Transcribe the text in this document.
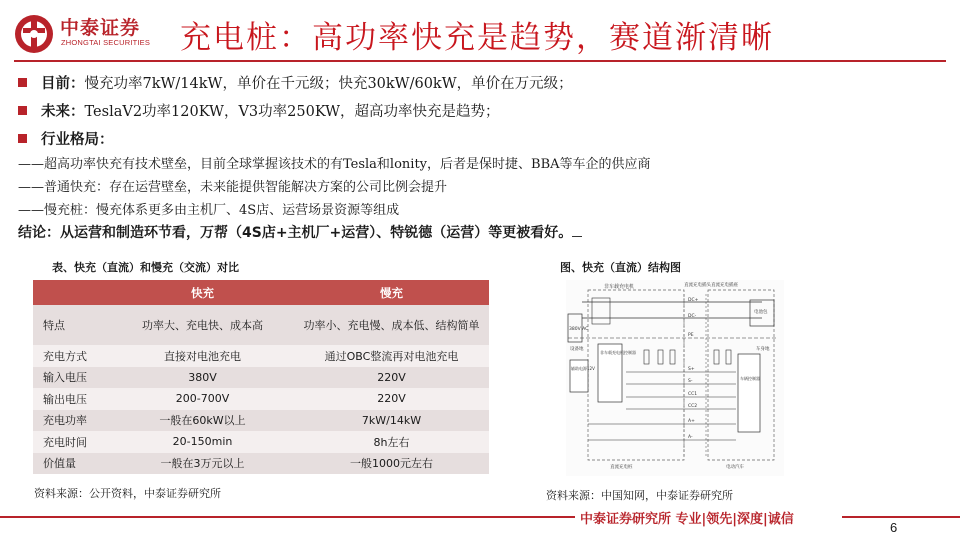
中泰证券
ZHONGTAI SECURITIES 充电桩：高功率快充是趋势，赛道渐清晰
目前：慢充功率7kW/14kW，单价在千元级；快充30kW/60kW，单价在万元级；
未来：TeslaV2功率120KW，V3功率250KW，超高功率快充是趋势；
行业格局：
——超高功率快充有技术壁垒，目前全球掌握该技术的有Tesla和lonity，后者是保时捷、BBA等车企的供应商
——普通快充：存在运营壁垒，未来能提供智能解决方案的公司比例会提升
——慢充桩：慢充体系更多由主机厂、4S店、运营场景资源等组成
结论：从运营和制造环节看，万帮（4S店+主机厂+运营）、特锐德（运营）等更被看好。
表、快充（直流）和慢充（交流）对比
	快充	慢充
特点	功率大、充电快、成本高	功率小、充电慢、成本低、结构简单
充电方式	直接对电池充电	通过OBC整流再对电池充电
输入电压	380V	220V
输出电压	200-700V	220V
充电功率	一般在60kW以上	7kW/14kW
充电时间	20-150min	8h左右
价值量	一般在3万元以上	一般1000元左右
资料来源：公开资料，中泰证券研究所
图、快充（直流）结构图
非车载充电机	直流充电插头 直流充电插座
380V AC
电池包
DC+
DC-
PE
S+
S-
CC1
CC2
A+
A-
设备地	车身地
辅助电源12V
非车载充电机控制器
车辆控制器
直流充电桩	电动汽车
资料来源：中国知网，中泰证券研究所
中泰证券研究所 专业|领先|深度|诚信
6
